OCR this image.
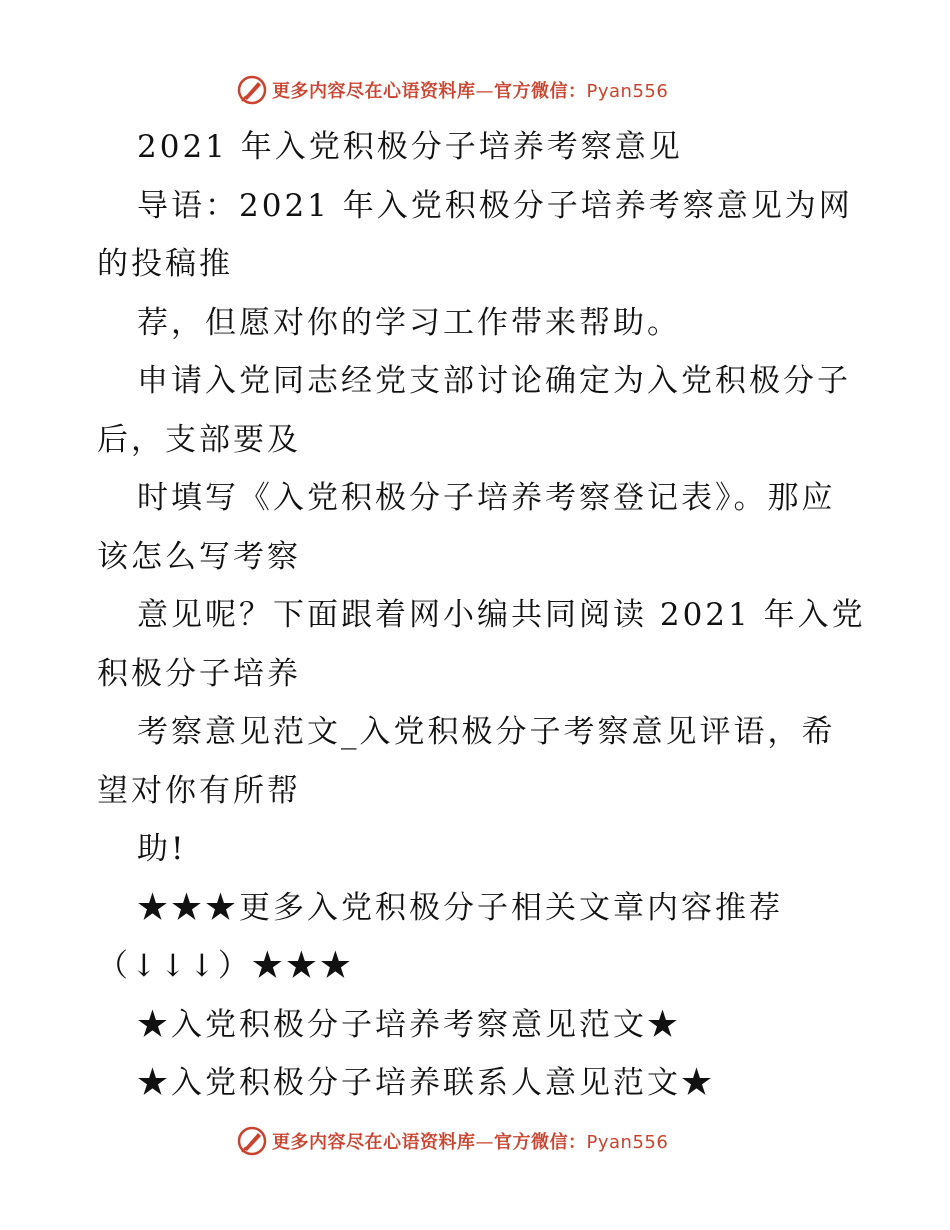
更多内容尽在心语资料库—官方微信：Pyan556
2021 年入党积极分子培养考察意见
导语：2021 年入党积极分子培养考察意见为网
的投稿推
荐，但愿对你的学习工作带来帮助。
申请入党同志经党支部讨论确定为入党积极分子
后，支部要及
时填写《入党积极分子培养考察登记表》。那应
该怎么写考察
意见呢？下面跟着网小编共同阅读 2021 年入党
积极分子培养
考察意见范文_入党积极分子考察意见评语，希
望对你有所帮
助!
★★★更多入党积极分子相关文章内容推荐
（↓↓↓）★★★
★入党积极分子培养考察意见范文★
★入党积极分子培养联系人意见范文★
更多内容尽在心语资料库—官方微信：Pyan556
